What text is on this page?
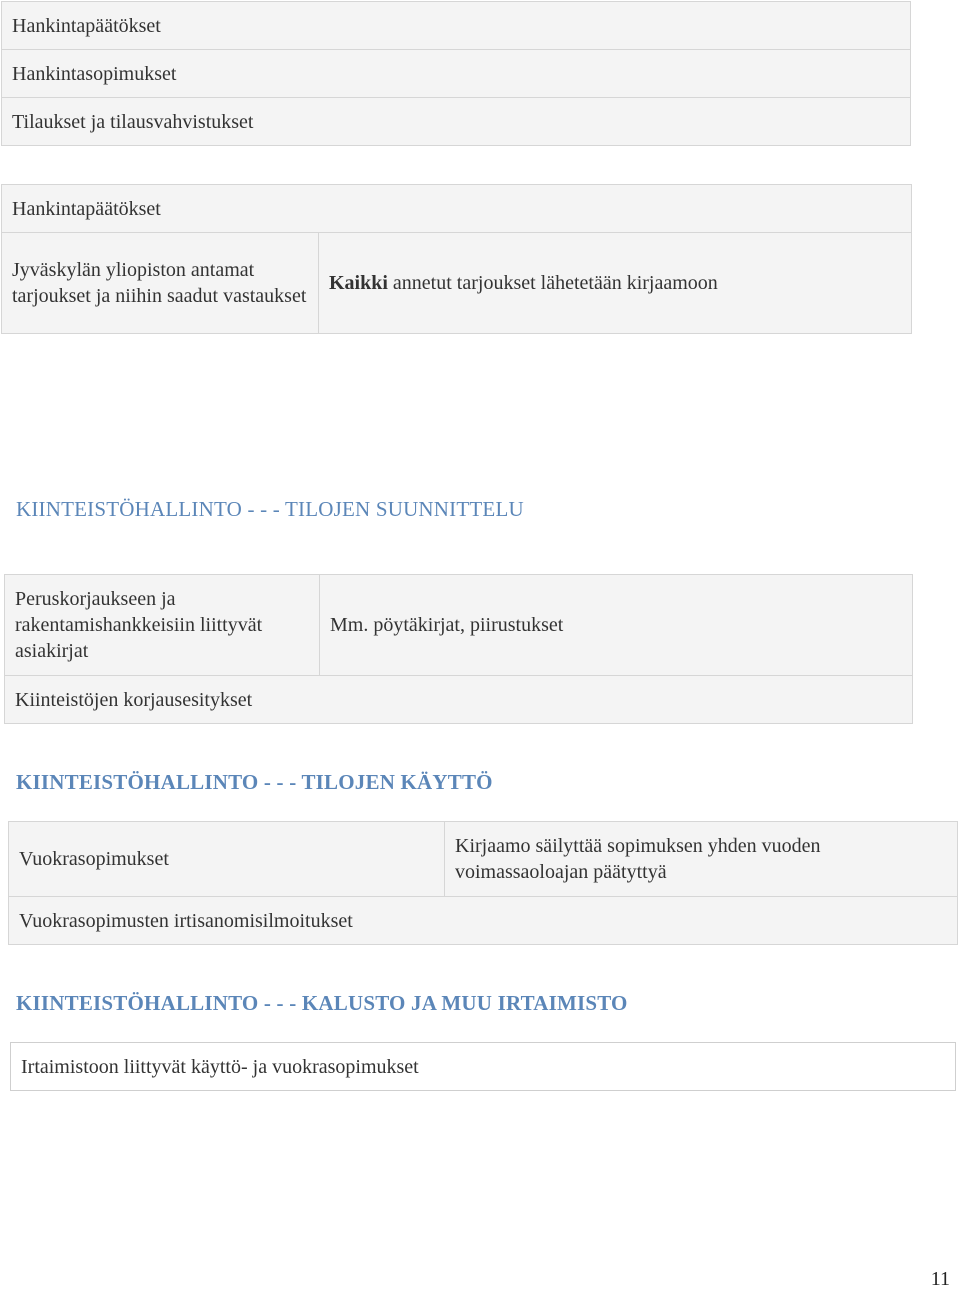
Hankintapäätökset
Hankintasopimukset
Tilaukset ja tilausvahvistukset
Hankintapäätökset
Jyväskylän yliopiston antamat tarjoukset ja niihin saadut vastaukset	Kaikki annetut tarjoukset lähetetään kirjaamoon
KIINTEISTÖHALLINTO - - - TILOJEN SUUNNITTELU
Peruskorjaukseen ja rakentamishankkeisiin liittyvät asiakirjat	Mm. pöytäkirjat, piirustukset
Kiinteistöjen korjausesitykset
KIINTEISTÖHALLINTO - - - TILOJEN KÄYTTÖ
Vuokrasopimukset	Kirjaamo säilyttää sopimuksen yhden vuoden voimassaoloajan päätyttyä
Vuokrasopimusten irtisanomisilmoitukset
KIINTEISTÖHALLINTO - - - KALUSTO JA MUU IRTAIMISTO
Irtaimistoon liittyvät käyttö- ja vuokrasopimukset
11
